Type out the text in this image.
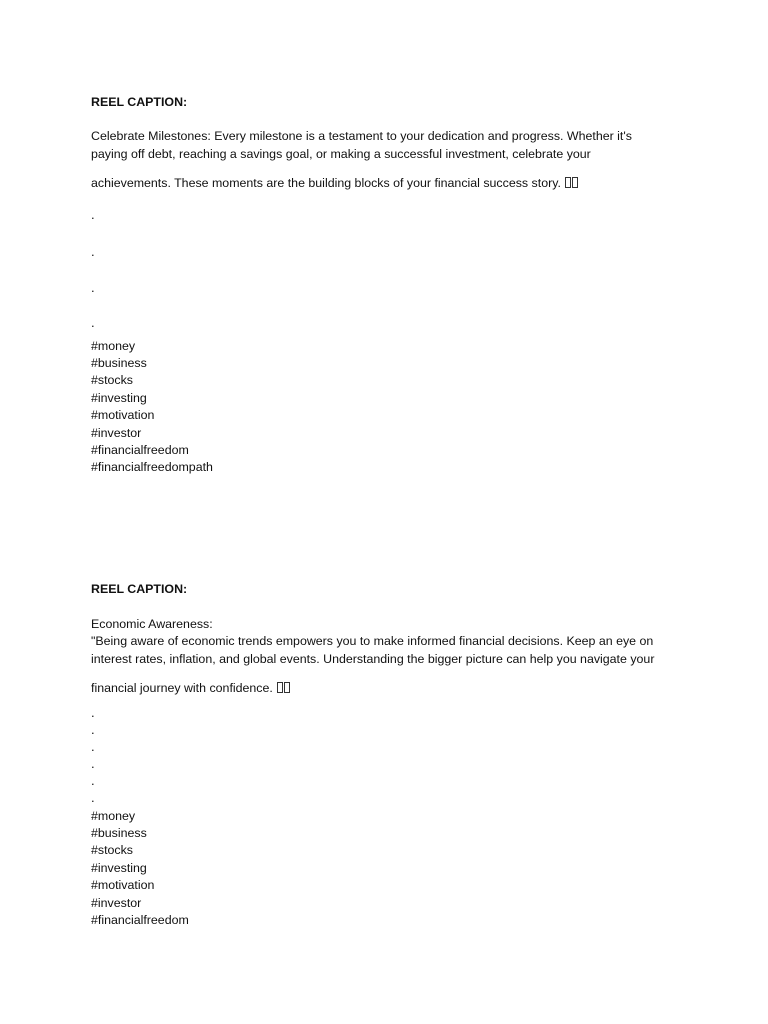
REEL CAPTION:

Celebrate Milestones: Every milestone is a testament to your dedication and progress. Whether it's

paying off debt, reaching a savings goal, or making a successful investment, celebrate your

achievements. These moments are the building blocks of your financial success story.

.

.

.

.

#money

#business

#stocks

#investing

#motivation

#investor

#financialfreedom

#financialfreedompath

REEL CAPTION:

Economic Awareness:

"Being aware of economic trends empowers you to make informed financial decisions. Keep an eye on

interest rates, inflation, and global events. Understanding the bigger picture can help you navigate your

financial journey with confidence.

.

.

.

.

.

.

#money

#business

#stocks

#investing

#motivation

#investor

#financialfreedom
